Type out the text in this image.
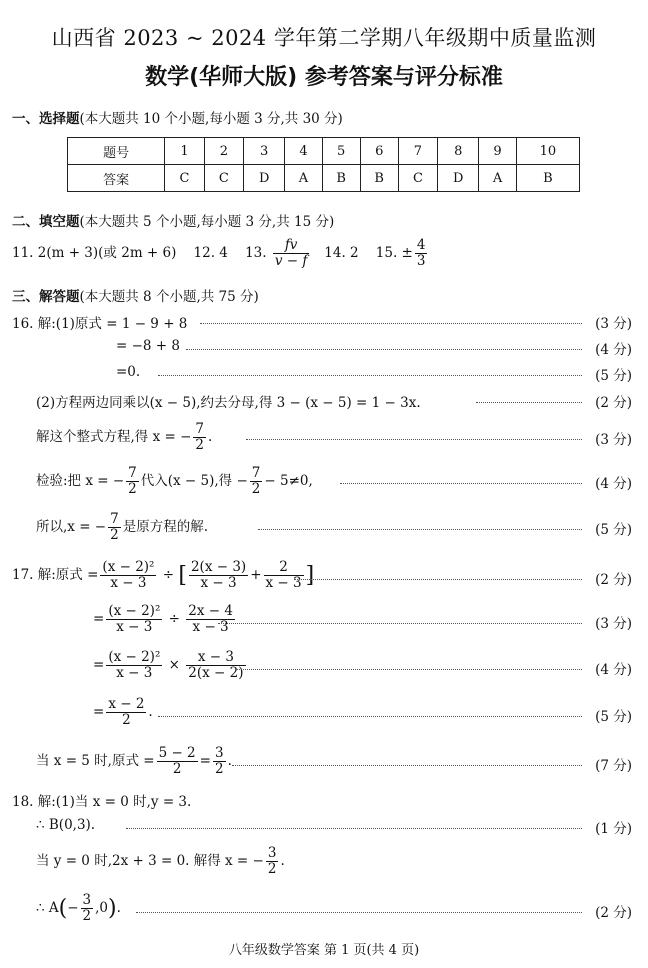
山西省 2023 ~ 2024 学年第二学期八年级期中质量监测
数学(华师大版) 参考答案与评分标准
一、选择题(本大题共 10 个小题,每小题 3 分,共 30 分)
题号	1	2	3	4	5	6	7	8	9	10
答案	C	C	D	A	B	B	C	D	A	B
二、填空题(本大题共 5 个小题,每小题 3 分,共 15 分)
11. 2(m + 3)(或 2m + 6) 12. 4 13. $\frac{fv}{v - f} 14$. 2 15. ± $\frac{4}{3}$
三、解答题(本大题共 8 个小题,共 75 分)
16. 解:(1)原式 = 1 − 9 + 8	(3 分)
= −8 + 8	(4 分)
=0.	(5 分)
(2)方程两边同乘以(x − 5),约去分母,得 3 − (x − 5) = 1 − 3x.	(2 分)
解这个整式方程,得 x = − $\frac{7}{2}$ .	(3 分)
检验:把 x = − $\frac{7}{2}$ 代入(x − 5),得 − $\frac{7}{2} - 5\ne 0$,	(4 分)
所以,x = − $\frac{7}{2}$ 是原方程的解.	(5 分)
17. 解:原式 = $\frac{\text{(x − 2)²}}{x - 3}$ ÷ [ $\frac{2(x - 3)}{x - 3} + \frac{2}{x - 3}$ ]	(2 分)
= $\frac{\text{(x − 2)²}}{x - 3} \div \frac{2x - 4}{x - 3}$	(3 分)
= $\frac{\text{(x − 2)²}}{x - 3} \times \frac{x - 3}{2(x - 2)}$	(4 分)
= $\frac{x - 2}{2}$ .	(5 分)
当 x = 5 时,原式 = $\frac{5 - 2}{2} = \frac{3}{2}$ .	(7 分)
18. 解:(1)当 x = 0 时,y = 3.
∴ B(0,3).	(1 分)
当 y = 0 时,2x + 3 = 0. 解得 x = − $\frac{3}{2}$ .
∴ $A(- \frac{3}{2} ,0)$.	(2 分)
八年级数学答案 第 1 页(共 4 页)
